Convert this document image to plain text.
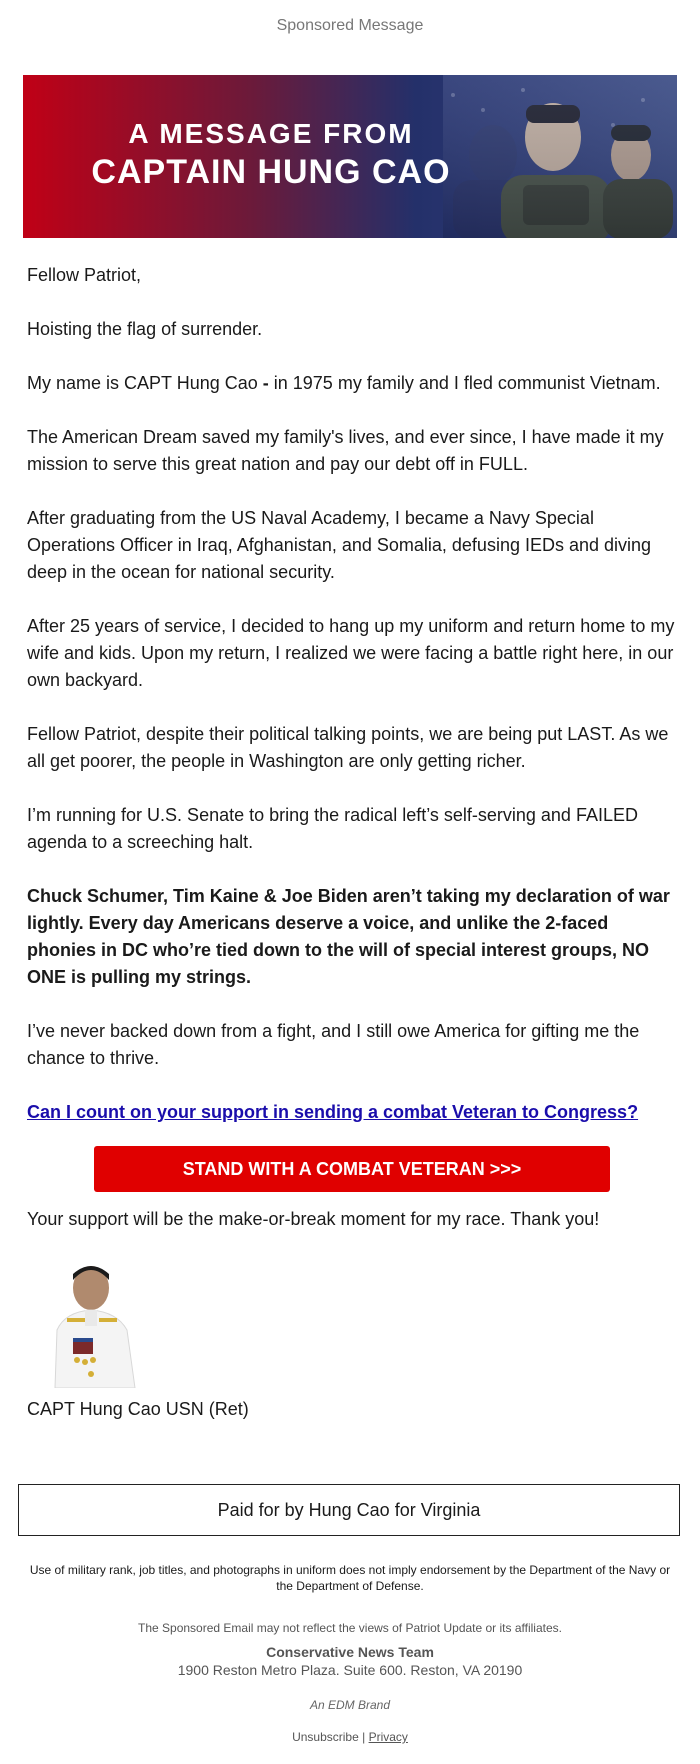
Sponsored Message
A MESSAGE FROM
CAPTAIN HUNG CAO

Fellow Patriot,

Hoisting the flag of surrender.

My name is CAPT Hung Cao - in 1975 my family and I fled communist Vietnam.

The American Dream saved my family's lives, and ever since, I have made it my mission to serve this great nation and pay our debt off in FULL.

After graduating from the US Naval Academy, I became a Navy Special Operations Officer in Iraq, Afghanistan, and Somalia, defusing IEDs and diving deep in the ocean for national security.

After 25 years of service, I decided to hang up my uniform and return home to my wife and kids. Upon my return, I realized we were facing a battle right here, in our own backyard.

Fellow Patriot, despite their political talking points, we are being put LAST. As we all get poorer, the people in Washington are only getting richer.

I’m running for U.S. Senate to bring the radical left’s self-serving and FAILED agenda to a screeching halt.

Chuck Schumer, Tim Kaine & Joe Biden aren’t taking my declaration of war lightly. Every day Americans deserve a voice, and unlike the 2-faced phonies in DC who’re tied down to the will of special interest groups, NO ONE is pulling my strings.

I’ve never backed down from a fight, and I still owe America for gifting me the chance to thrive.

Can I count on your support in sending a combat Veteran to Congress?

STAND WITH A COMBAT VETERAN >>>

Your support will be the make-or-break moment for my race. Thank you!

CAPT Hung Cao USN (Ret)
Paid for by Hung Cao for Virginia
Use of military rank, job titles, and photographs in uniform does not imply endorsement by the Department of the Navy or the Department of Defense.
The Sponsored Email may not reflect the views of Patriot Update or its affiliates.
Conservative News Team
1900 Reston Metro Plaza. Suite 600. Reston, VA 20190
An EDM Brand
Unsubscribe | Privacy
